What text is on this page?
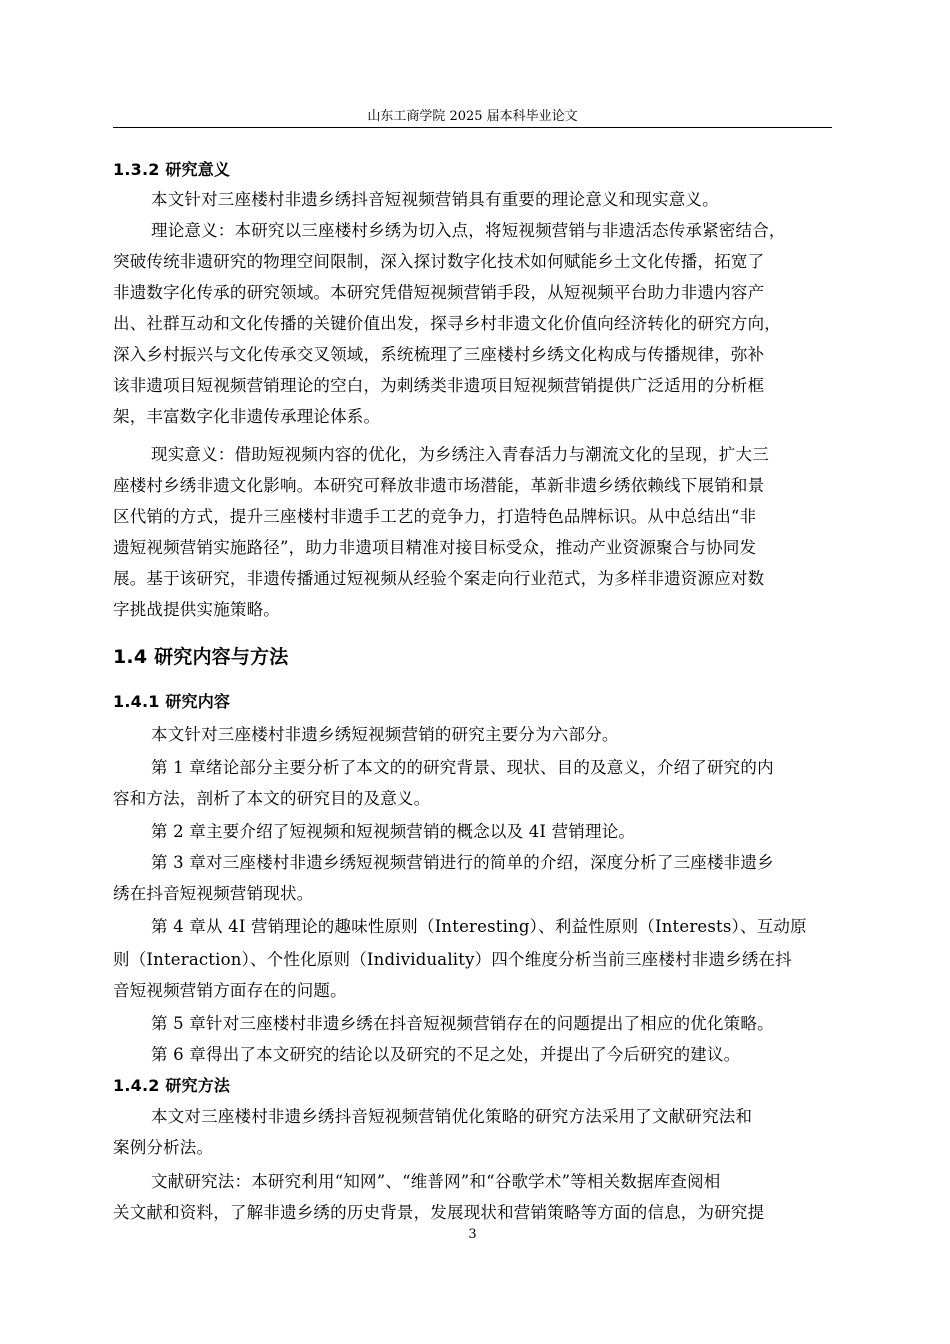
山东工商学院 2025 届本科毕业论文
1.3.2 研究意义
本文针对三座楼村非遗乡绣抖音短视频营销具有重要的理论意义和现实意义。
理论意义：本研究以三座楼村乡绣为切入点，将短视频营销与非遗活态传承紧密结合，
突破传统非遗研究的物理空间限制，深入探讨数字化技术如何赋能乡土文化传播，拓宽了
非遗数字化传承的研究领域。本研究凭借短视频营销手段，从短视频平台助力非遗内容产
出、社群互动和文化传播的关键价值出发，探寻乡村非遗文化价值向经济转化的研究方向，
深入乡村振兴与文化传承交叉领域，系统梳理了三座楼村乡绣文化构成与传播规律，弥补
该非遗项目短视频营销理论的空白，为刺绣类非遗项目短视频营销提供广泛适用的分析框
架，丰富数字化非遗传承理论体系。
现实意义：借助短视频内容的优化，为乡绣注入青春活力与潮流文化的呈现，扩大三
座楼村乡绣非遗文化影响。本研究可释放非遗市场潜能，革新非遗乡绣依赖线下展销和景
区代销的方式，提升三座楼村非遗手工艺的竞争力，打造特色品牌标识。从中总结出“非
遗短视频营销实施路径”，助力非遗项目精准对接目标受众，推动产业资源聚合与协同发
展。基于该研究，非遗传播通过短视频从经验个案走向行业范式，为多样非遗资源应对数
字挑战提供实施策略。
1.4 研究内容与方法
1.4.1 研究内容
本文针对三座楼村非遗乡绣短视频营销的研究主要分为六部分。
第 1 章绪论部分主要分析了本文的的研究背景、现状、目的及意义，介绍了研究的内
容和方法，剖析了本文的研究目的及意义。
第 2 章主要介绍了短视频和短视频营销的概念以及 4I 营销理论。
第 3 章对三座楼村非遗乡绣短视频营销进行的简单的介绍，深度分析了三座楼非遗乡
绣在抖音短视频营销现状。
第 4 章从 4I 营销理论的趣味性原则（Interesting）、利益性原则（Interests）、互动原
则（Interaction）、个性化原则（Individuality）四个维度分析当前三座楼村非遗乡绣在抖
音短视频营销方面存在的问题。
第 5 章针对三座楼村非遗乡绣在抖音短视频营销存在的问题提出了相应的优化策略。
第 6 章得出了本文研究的结论以及研究的不足之处，并提出了今后研究的建议。
1.4.2 研究方法
本文对三座楼村非遗乡绣抖音短视频营销优化策略的研究方法采用了文献研究法和
案例分析法。
文献研究法：本研究利用“知网”、“维普网”和“谷歌学术”等相关数据库查阅相
关文献和资料，了解非遗乡绣的历史背景，发展现状和营销策略等方面的信息，为研究提
3
